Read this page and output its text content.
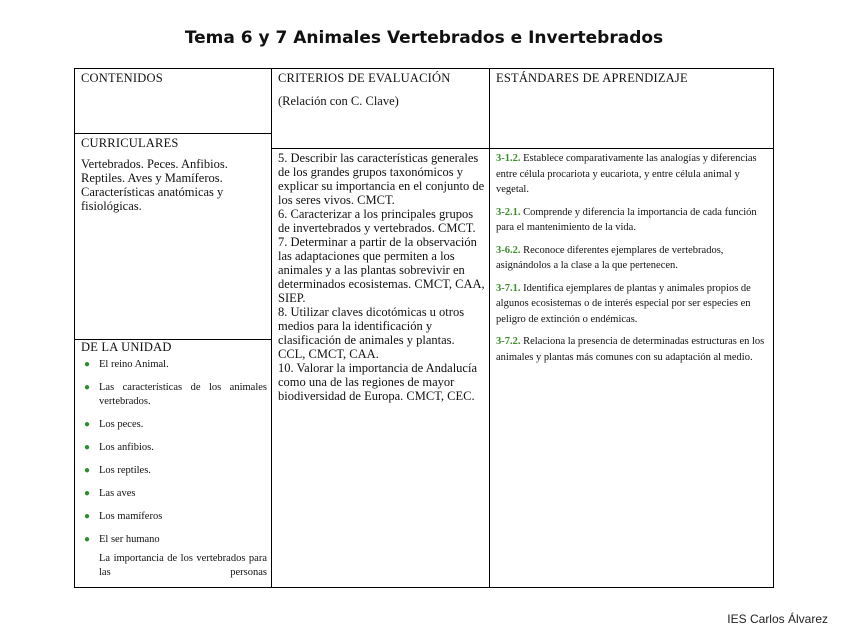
Tema 6 y 7 Animales Vertebrados e Invertebrados
CONTENIDOS
CURRICULARES
Vertebrados. Peces. Anfibios. Reptiles. Aves y Mamíferos. Características anatómicas y fisiológicas.
DE LA UNIDAD
● El reino Animal.
● Las características de los animales vertebrados.
● Los peces.
● Los anfibios.
● Los reptiles.
● Las aves
● Los mamíferos
● El ser humano
La importancia de los vertebrados para las personas
CRITERIOS DE EVALUACIÓN
(Relación con C. Clave)
5. Describir las características generales de los grandes grupos taxonómicos y explicar su importancia en el conjunto de los seres vivos. CMCT.
6. Caracterizar a los principales grupos de invertebrados y vertebrados. CMCT.
7. Determinar a partir de la observación las adaptaciones que permiten a los animales y a las plantas sobrevivir en determinados ecosistemas. CMCT, CAA, SIEP.
8. Utilizar claves dicotómicas u otros medios para la identificación y clasificación de animales y plantas. CCL, CMCT, CAA.
10. Valorar la importancia de Andalucía como una de las regiones de mayor biodiversidad de Europa. CMCT, CEC.
ESTÁNDARES DE APRENDIZAJE

3-1.2. Establece comparativamente las analogías y diferencias entre célula procariota y eucariota, y entre célula animal y vegetal.

3-2.1. Comprende y diferencia la importancia de cada función para el mantenimiento de la vida.

3-6.2. Reconoce diferentes ejemplares de vertebrados, asignándolos a la clase a la que pertenecen.

3-7.1. Identifica ejemplares de plantas y animales propios de algunos ecosistemas o de interés especial por ser especies en peligro de extinción o endémicas.

3-7.2. Relaciona la presencia de determinadas estructuras en los animales y plantas más comunes con su adaptación al medio.

IES Carlos Álvarez
